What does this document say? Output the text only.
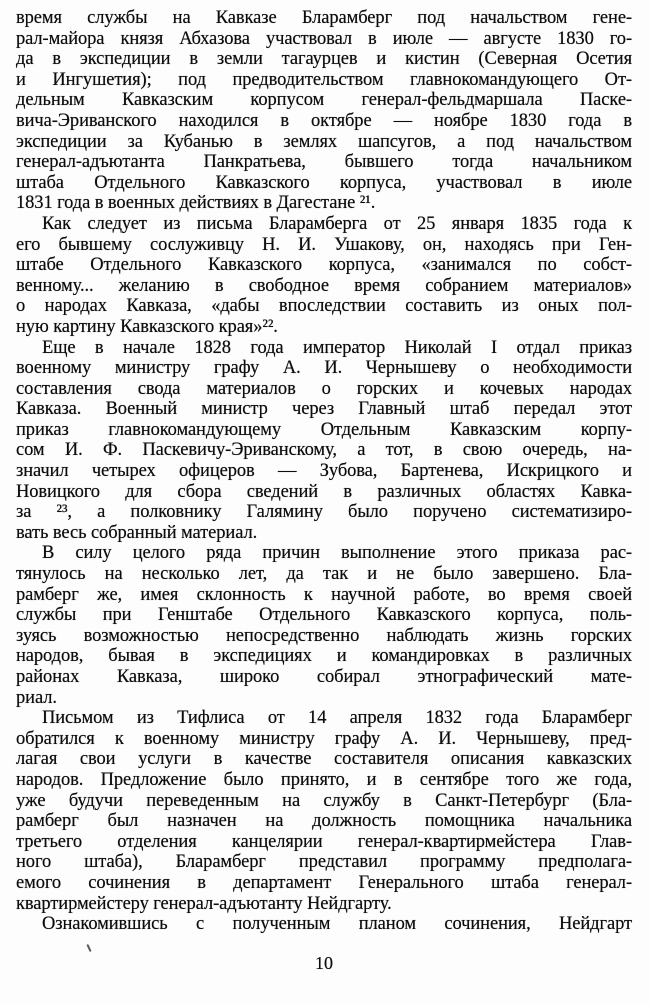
время службы на Кавказе Бларамберг под начальством гене-
рал-майора князя Абхазова участвовал в июле — августе 1830 го-
да в экспедиции в земли тагаурцев и кистин (Северная Осетия
и Ингушетия); под предводительством главнокомандующего От-
дельным Кавказским корпусом генерал-фельдмаршала Паске-
вича-Эриванского находился в октябре — ноябре 1830 года в
экспедиции за Кубанью в землях шапсугов, а под начальством
генерал-адъютанта Панкратьева, бывшего тогда начальником
штаба Отдельного Кавказского корпуса, участвовал в июле
1831 года в военных действиях в Дагестане ²¹.
Как следует из письма Бларамберга от 25 января 1835 года к
его бывшему сослуживцу Н. И. Ушакову, он, находясь при Ген-
штабе Отдельного Кавказского корпуса, «занимался по собст-
венному... желанию в свободное время собранием материалов»
о народах Кавказа, «дабы впоследствии составить из оных пол-
ную картину Кавказского края»²².
Еще в начале 1828 года император Николай I отдал приказ
военному министру графу А. И. Чернышеву о необходимости
составления свода материалов о горских и кочевых народах
Кавказа. Военный министр через Главный штаб передал этот
приказ главнокомандующему Отдельным Кавказским корпу-
сом И. Ф. Паскевичу-Эриванскому, а тот, в свою очередь, на-
значил четырех офицеров — Зубова, Бартенева, Искрицкого и
Новицкого для сбора сведений в различных областях Кавка-
за ²³, а полковнику Галямину было поручено систематизиро-
вать весь собранный материал.
В силу целого ряда причин выполнение этого приказа рас-
тянулось на несколько лет, да так и не было завершено. Бла-
рамберг же, имея склонность к научной работе, во время своей
службы при Генштабе Отдельного Кавказского корпуса, поль-
зуясь возможностью непосредственно наблюдать жизнь горских
народов, бывая в экспедициях и командировках в различных
районах Кавказа, широко собирал этнографический мате-
риал.
Письмом из Тифлиса от 14 апреля 1832 года Бларамберг
обратился к военному министру графу А. И. Чернышеву, пред-
лагая свои услуги в качестве составителя описания кавказских
народов. Предложение было принято, и в сентябре того же года,
уже будучи переведенным на службу в Санкт-Петербург (Бла-
рамберг был назначен на должность помощника начальника
третьего отделения канцелярии генерал-квартирмейстера Глав-
ного штаба), Бларамберг представил программу предполага-
емого сочинения в департамент Генерального штаба генерал-
квартирмейстеру генерал-адъютанту Нейдгарту.
Ознакомившись с полученным планом сочинения, Нейдгарт
10
